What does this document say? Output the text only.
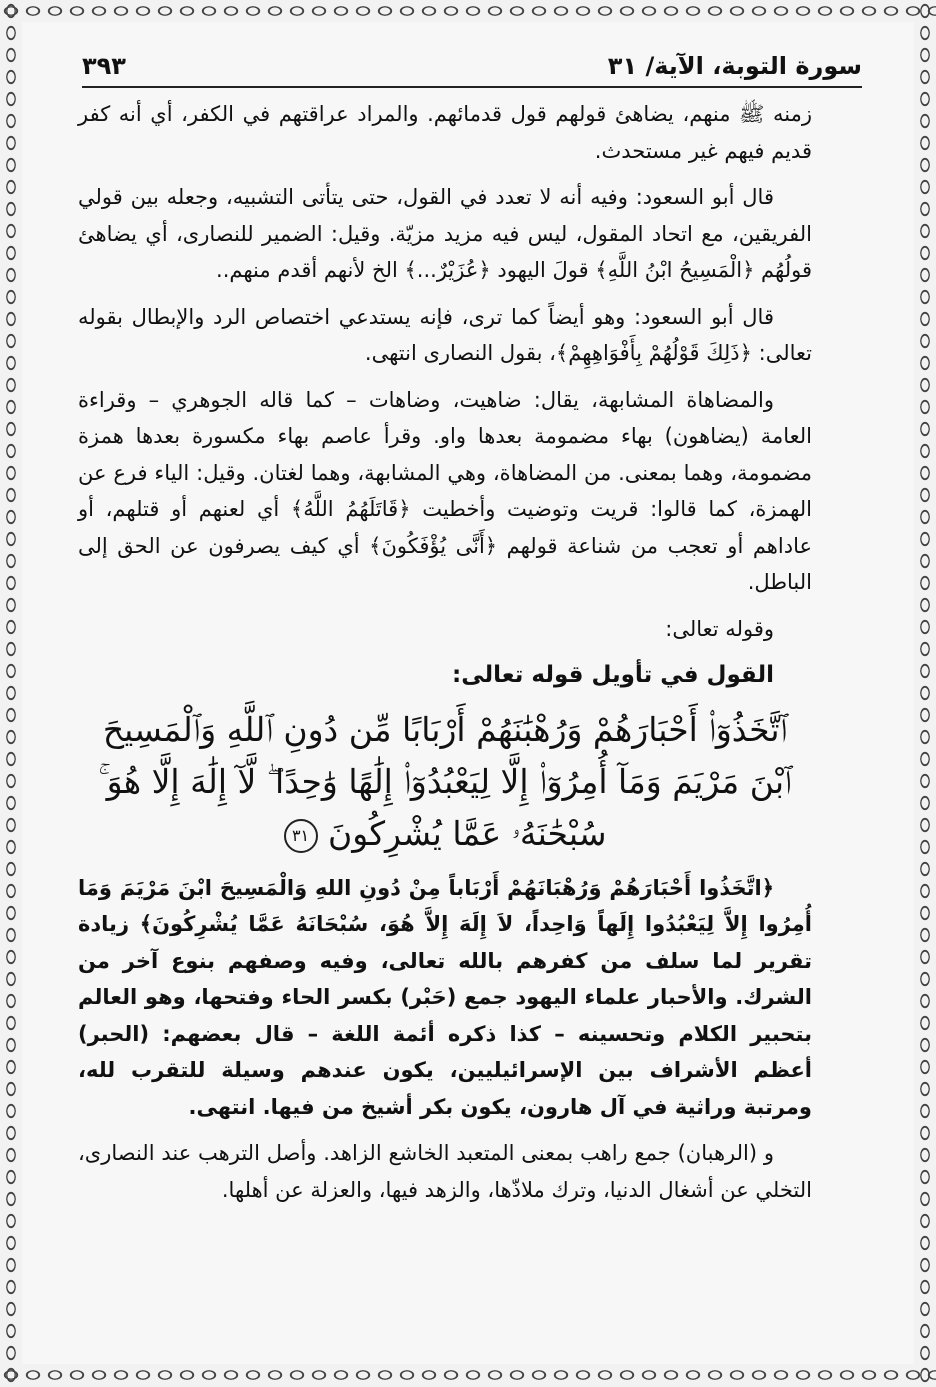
سورة التوبة، الآية/ ٣١
٣٩٣

زمنه ﷺ منهم، يضاهئ قولهم قول قدمائهم. والمراد عراقتهم في الكفر، أي أنه كفر قديم فيهم غير مستحدث.

قال أبو السعود: وفيه أنه لا تعدد في القول، حتى يتأتى التشبيه، وجعله بين قولي الفريقين، مع اتحاد المقول، ليس فيه مزيد مزيّة. وقيل: الضمير للنصارى، أي يضاهئ قولُهُم ﴿الْمَسِيحُ ابْنُ اللَّهِ﴾ قولَ اليهود ﴿عُزَيْرٌ...﴾ الخ لأنهم أقدم منهم..

قال أبو السعود: وهو أيضاً كما ترى، فإنه يستدعي اختصاص الرد والإبطال بقوله تعالى: ﴿ذَلِكَ قَوْلُهُمْ بِأَفْوَاهِهِمْ﴾، بقول النصارى انتهى.

والمضاهاة المشابهة، يقال: ضاهيت، وضاهات – كما قاله الجوهري – وقراءة العامة (يضاهون) بهاء مضمومة بعدها واو. وقرأ عاصم بهاء مكسورة بعدها همزة مضمومة، وهما بمعنى. من المضاهاة، وهي المشابهة، وهما لغتان. وقيل: الياء فرع عن الهمزة، كما قالوا: قريت وتوضيت وأخطيت ﴿قَاتَلَهُمُ اللَّهُ﴾ أي لعنهم أو قتلهم، أو عاداهم أو تعجب من شناعة قولهم ﴿أَنَّى يُؤْفَكُونَ﴾ أي كيف يصرفون عن الحق إلى الباطل.

وقوله تعالى:

القول في تأويل قوله تعالى:

ٱتَّخَذُوٓا۟ أَحْبَارَهُمْ وَرُهْبَٰنَهُمْ أَرْبَابًا مِّن دُونِ ٱللَّهِ وَٱلْمَسِيحَ ٱبْنَ مَرْيَمَ وَمَآ أُمِرُوٓا۟ إِلَّا لِيَعْبُدُوٓا۟ إِلَٰهًا وَٰحِدًا ۖ لَّآ إِلَٰهَ إِلَّا هُوَ ۚ سُبْحَٰنَهُۥ عَمَّا يُشْرِكُونَ ٣١

﴿اتَّخَذُوا أَحْبَارَهُمْ وَرُهْبَانَهُمْ أَرْبَاباً مِنْ دُونِ اللهِ وَالْمَسِيحَ ابْنَ مَرْيَمَ وَمَا أُمِرُوا إِلاَّ لِيَعْبُدُوا إِلَهاً وَاحِداً، لاَ إِلَهَ إِلاَّ هُوَ، سُبْحَانَهُ عَمَّا يُشْرِكُونَ﴾ زيادة تقرير لما سلف من كفرهم بالله تعالى، وفيه وصفهم بنوع آخر من الشرك. والأحبار علماء اليهود جمع (حَبْر) بكسر الحاء وفتحها، وهو العالم بتحبير الكلام وتحسينه – كذا ذكره أئمة اللغة – قال بعضهم: (الحبر) أعظم الأشراف بين الإسرائيليين، يكون عندهم وسيلة للتقرب لله، ومرتبة وراثية في آل هارون، يكون بكر أشيخ من فيها. انتهى.

و (الرهبان) جمع راهب بمعنى المتعبد الخاشع الزاهد. وأصل الترهب عند النصارى، التخلي عن أشغال الدنيا، وترك ملاذّها، والزهد فيها، والعزلة عن أهلها.
